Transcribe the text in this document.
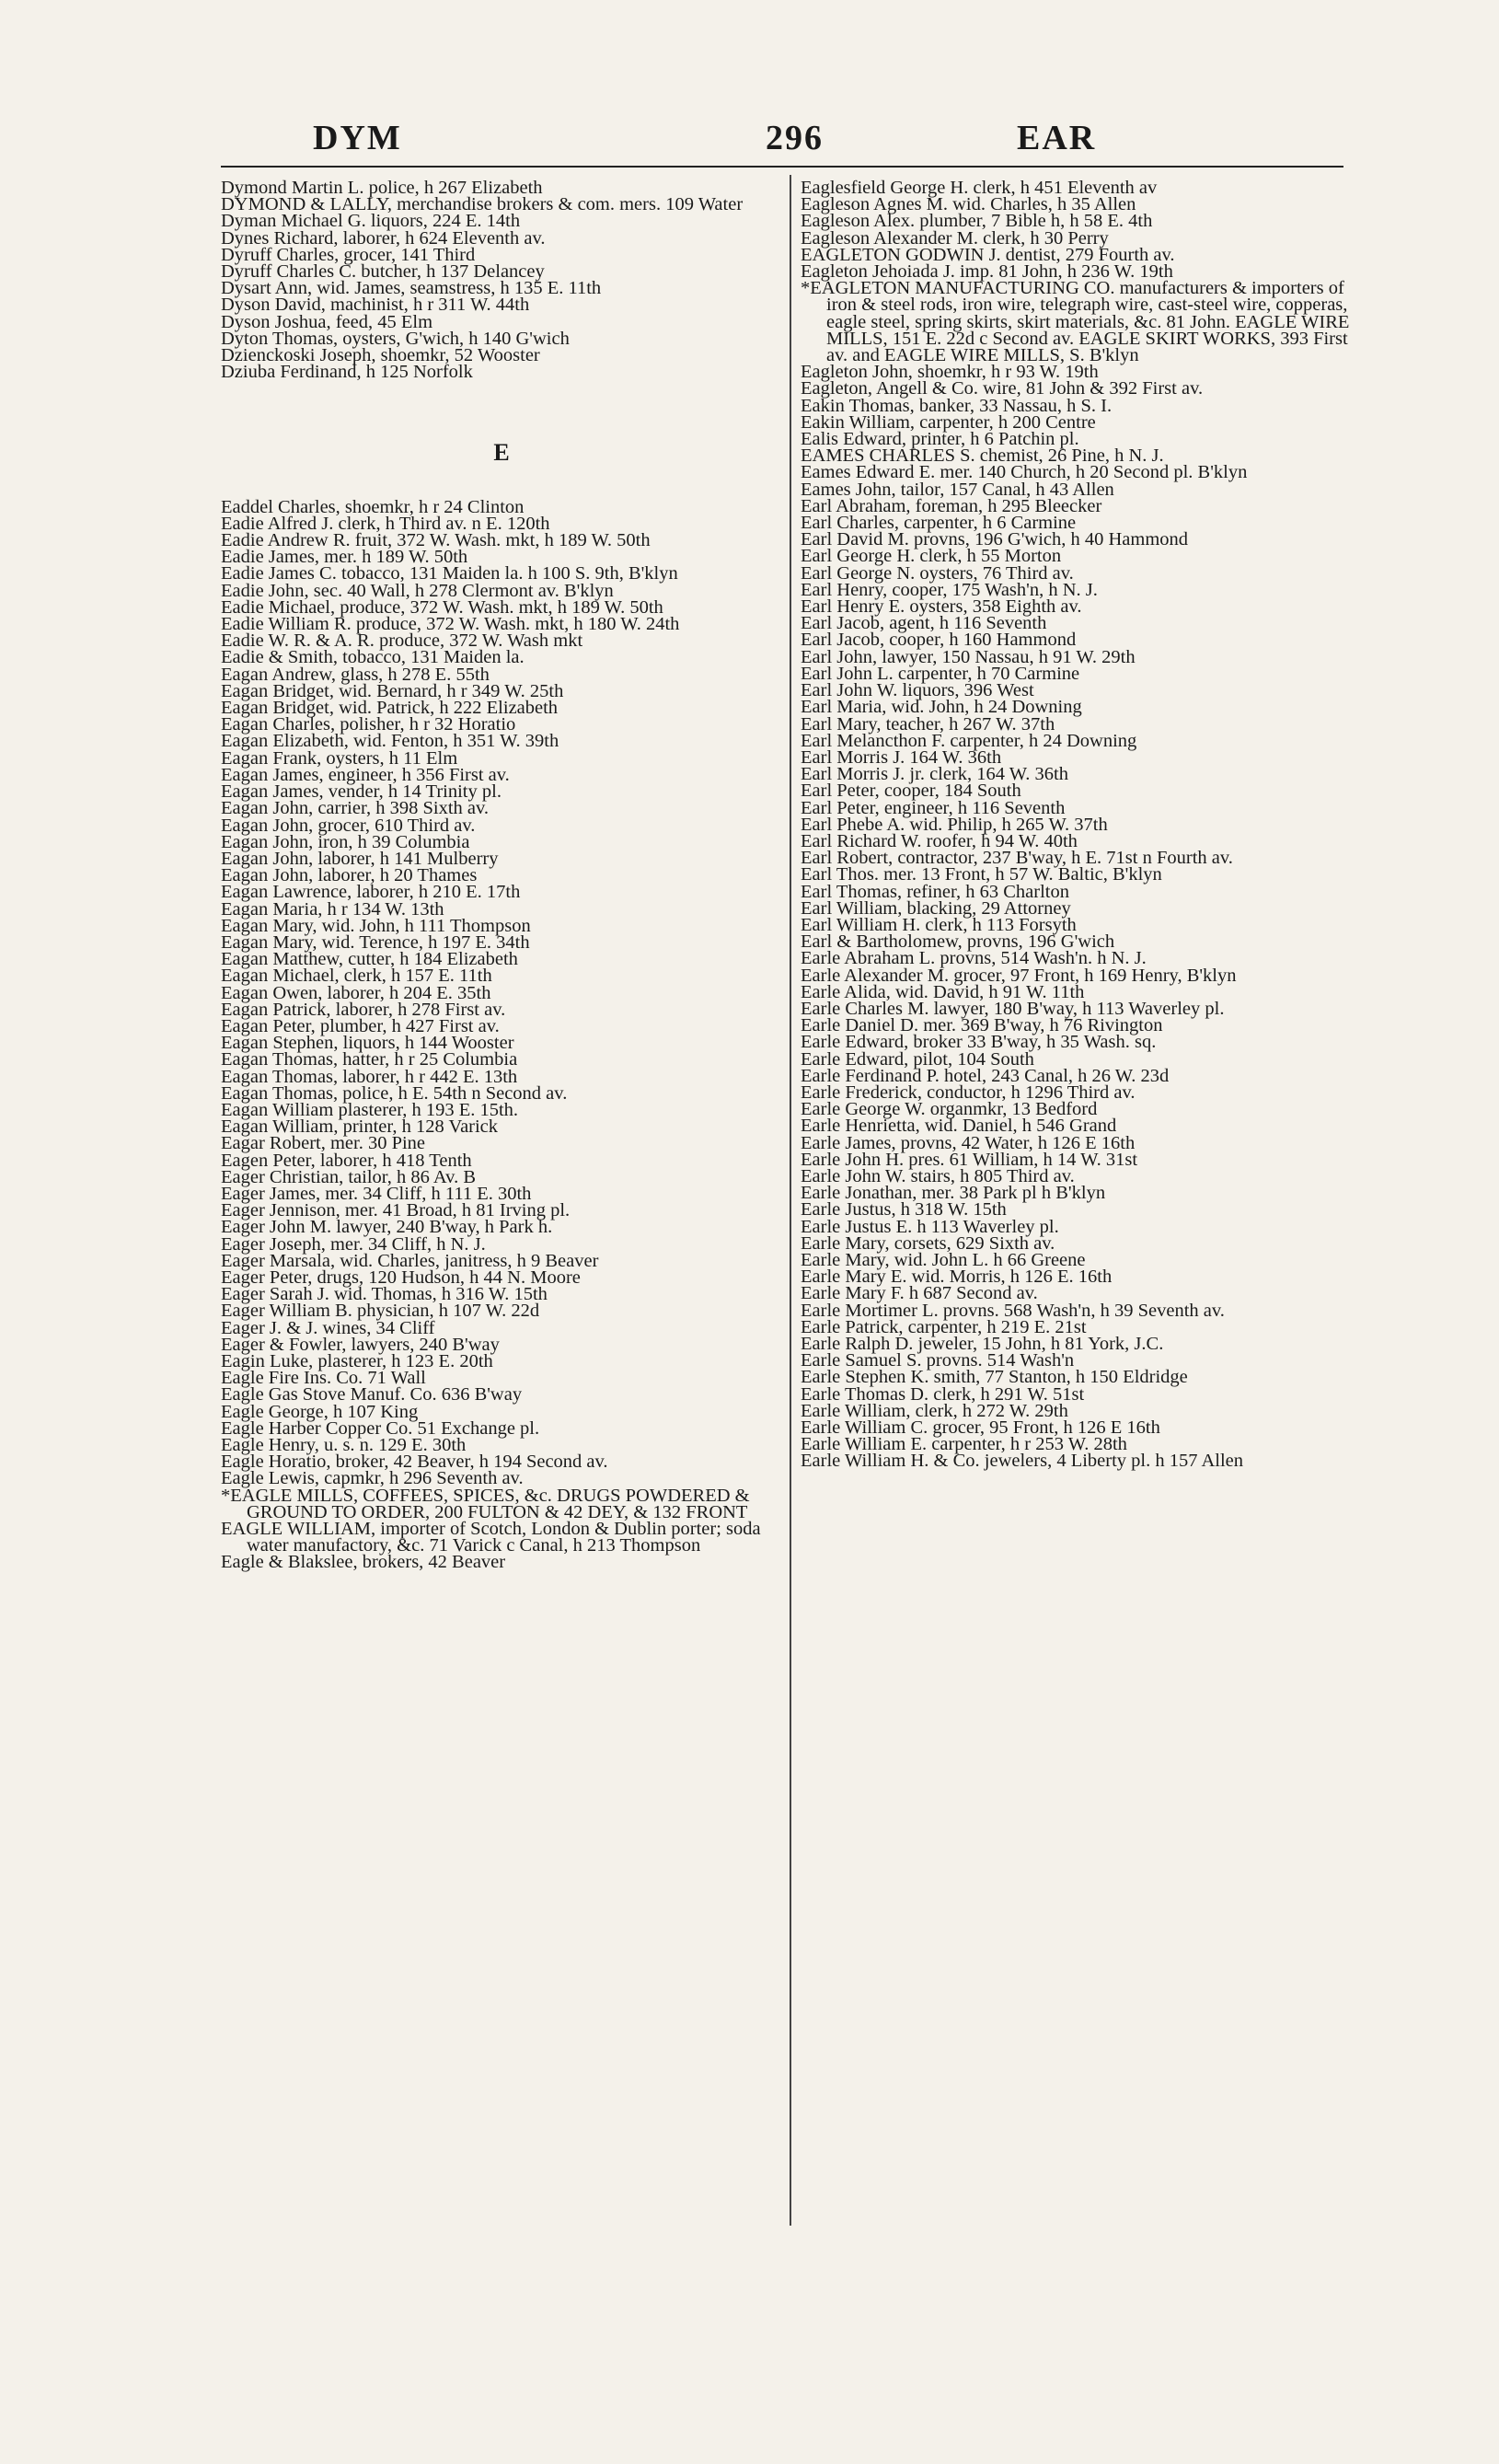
DYM	296	EAR
Dymond Martin L. police, h 267 Elizabeth
DYMOND & LALLY, merchandise brokers & com. mers. 109 Water
Dyman Michael G. liquors, 224 E. 14th
Dynes Richard, laborer, h 624 Eleventh av.
Dyruff Charles, grocer, 141 Third
Dyruff Charles C. butcher, h 137 Delancey
Dysart Ann, wid. James, seamstress, h 135 E. 11th
Dyson David, machinist, h r 311 W. 44th
Dyson Joshua, feed, 45 Elm
Dyton Thomas, oysters, G'wich, h 140 G'wich
Dziencko​ski Joseph, shoemkr, 52 Wooster
Dziuba Ferdinand, h 125 Norfolk
E
Eaddel Charles, shoemkr, h r 24 Clinton
Eadie Alfred J. clerk, h Third av. n E. 120th
Eadie Andrew R. fruit, 372 W. Wash. mkt, h 189 W. 50th
Eadie James, mer. h 189 W. 50th
Eadie James C. tobacco, 131 Maiden la. h 100 S. 9th, B'klyn
Eadie John, sec. 40 Wall, h 278 Clermont av. B'klyn
Eadie Michael, produce, 372 W. Wash. mkt, h 189 W. 50th
Eadie William R. produce, 372 W. Wash. mkt, h 180 W. 24th
Eadie W. R. & A. R. produce, 372 W. Wash mkt
Eadie & Smith, tobacco, 131 Maiden la.
Eagan Andrew, glass, h 278 E. 55th
Eagan Bridget, wid. Bernard, h r 349 W. 25th
Eagan Bridget, wid. Patrick, h 222 Elizabeth
Eagan Charles, polisher, h r 32 Horatio
Eagan Elizabeth, wid. Fenton, h 351 W. 39th
Eagan Frank, oysters, h 11 Elm
Eagan James, engineer, h 356 First av.
Eagan James, vender, h 14 Trinity pl.
Eagan John, carrier, h 398 Sixth av.
Eagan John, grocer, 610 Third av.
Eagan John, iron, h 39 Columbia
Eagan John, laborer, h 141 Mulberry
Eagan John, laborer, h 20 Thames
Eagan Lawrence, laborer, h 210 E. 17th
Eagan Maria, h r 134 W. 13th
Eagan Mary, wid. John, h 111 Thompson
Eagan Mary, wid. Terence, h 197 E. 34th
Eagan Matthew, cutter, h 184 Elizabeth
Eagan Michael, clerk, h 157 E. 11th
Eagan Owen, laborer, h 204 E. 35th
Eagan Patrick, laborer, h 278 First av.
Eagan Peter, plumber, h 427 First av.
Eagan Stephen, liquors, h 144 Wooster
Eagan Thomas, hatter, h r 25 Columbia
Eagan Thomas, laborer, h r 442 E. 13th
Eagan Thomas, police, h E. 54th n Second av.
Eagan William plasterer, h 193 E. 15th.
Eagan William, printer, h 128 Varick
Eagar Robert, mer. 30 Pine
Eagen Peter, laborer, h 418 Tenth
Eager Christian, tailor, h 86 Av. B
Eager James, mer. 34 Cliff, h 111 E. 30th
Eager Jennison, mer. 41 Broad, h 81 Irving pl.
Eager John M. lawyer, 240 B'way, h Park h.
Eager Joseph, mer. 34 Cliff, h N. J.
Eager Marsala, wid. Charles, janitress, h 9 Beaver
Eager Peter, drugs, 120 Hudson, h 44 N. Moore
Eager Sarah J. wid. Thomas, h 316 W. 15th
Eager William B. physician, h 107 W. 22d
Eager J. & J. wines, 34 Cliff
Eager & Fowler, lawyers, 240 B'way
Eagin Luke, plasterer, h 123 E. 20th
Eagle Fire Ins. Co. 71 Wall
Eagle Gas Stove Manuf. Co. 636 B'way
Eagle George, h 107 King
Eagle Harber Copper Co. 51 Exchange pl.
Eagle Henry, u. s. n. 129 E. 30th
Eagle Horatio, broker, 42 Beaver, h 194 Second av.
Eagle Lewis, capmkr, h 296 Seventh av.
*EAGLE MILLS, COFFEES, SPICES, &c. DRUGS POWDERED & GROUND TO ORDER, 200 FULTON & 42 DEY, & 132 FRONT
EAGLE WILLIAM, importer of Scotch, London & Dublin porter; soda water manufactory, &c. 71 Varick c Canal, h 213 Thompson
Eagle & Blakslee, brokers, 42 Beaver
Eaglesfield George H. clerk, h 451 Eleventh av
Eagleson Agnes M. wid. Charles, h 35 Allen
Eagleson Alex. plumber, 7 Bible h, h 58 E. 4th
Eagleson Alexander M. clerk, h 30 Perry
EAGLETON GODWIN J. dentist, 279 Fourth av.
Eagleton Jehoiada J. imp. 81 John, h 236 W. 19th
*EAGLETON MANUFACTURING CO. manufacturers & importers of iron & steel rods, iron wire, telegraph wire, cast-steel wire, copperas, eagle steel, spring skirts, skirt materials, &c. 81 John. EAGLE WIRE MILLS, 151 E. 22d c Second av. EAGLE SKIRT WORKS, 393 First av. and EAGLE WIRE MILLS, S. B'klyn
Eagleton John, shoemkr, h r 93 W. 19th
Eagleton, Angell & Co. wire, 81 John & 392 First av.
Eakin Thomas, banker, 33 Nassau, h S. I.
Eakin William, carpenter, h 200 Centre
Ealis Edward, printer, h 6 Patchin pl.
EAMES CHARLES S. chemist, 26 Pine, h N. J.
Eames Edward E. mer. 140 Church, h 20 Second pl. B'klyn
Eames John, tailor, 157 Canal, h 43 Allen
Earl Abraham, foreman, h 295 Bleecker
Earl Charles, carpenter, h 6 Carmine
Earl David M. provns, 196 G'wich, h 40 Hammond
Earl George H. clerk, h 55 Morton
Earl George N. oysters, 76 Third av.
Earl Henry, cooper, 175 Wash'n, h N. J.
Earl Henry E. oysters, 358 Eighth av.
Earl Jacob, agent, h 116 Seventh
Earl Jacob, cooper, h 160 Hammond
Earl John, lawyer, 150 Nassau, h 91 W. 29th
Earl John L. carpenter, h 70 Carmine
Earl John W. liquors, 396 West
Earl Maria, wid. John, h 24 Downing
Earl Mary, teacher, h 267 W. 37th
Earl Melancthon F. carpenter, h 24 Downing
Earl Morris J. 164 W. 36th
Earl Morris J. jr. clerk, 164 W. 36th
Earl Peter, cooper, 184 South
Earl Peter, engineer, h 116 Seventh
Earl Phebe A. wid. Philip, h 265 W. 37th
Earl Richard W. roofer, h 94 W. 40th
Earl Robert, contractor, 237 B'way, h E. 71st n Fourth av.
Earl Thos. mer. 13 Front, h 57 W. Baltic, B'klyn
Earl Thomas, refiner, h 63 Charlton
Earl William, blacking, 29 Attorney
Earl William H. clerk, h 113 Forsyth
Earl & Bartholomew, provns, 196 G'wich
Earle Abraham L. provns, 514 Wash'n. h N. J.
Earle Alexander M. grocer, 97 Front, h 169 Henry, B'klyn
Earle Alida, wid. David, h 91 W. 11th
Earle Charles M. lawyer, 180 B'way, h 113 Waverley pl.
Earle Daniel D. mer. 369 B'way, h 76 Rivington
Earle Edward, broker 33 B'way, h 35 Wash. sq.
Earle Edward, pilot, 104 South
Earle Ferdinand P. hotel, 243 Canal, h 26 W. 23d
Earle Frederick, conductor, h 1296 Third av.
Earle George W. organmkr, 13 Bedford
Earle Henrietta, wid. Daniel, h 546 Grand
Earle James, provns, 42 Water, h 126 E 16th
Earle John H. pres. 61 William, h 14 W. 31st
Earle John W. stairs, h 805 Third av.
Earle Jonathan, mer. 38 Park pl h B'klyn
Earle Justus, h 318 W. 15th
Earle Justus E. h 113 Waverley pl.
Earle Mary, corsets, 629 Sixth av.
Earle Mary, wid. John L. h 66 Greene
Earle Mary E. wid. Morris, h 126 E. 16th
Earle Mary F. h 687 Second av.
Earle Mortimer L. provns. 568 Wash'n, h 39 Seventh av.
Earle Patrick, carpenter, h 219 E. 21st
Earle Ralph D. jeweler, 15 John, h 81 York, J.C.
Earle Samuel S. provns. 514 Wash'n
Earle Stephen K. smith, 77 Stanton, h 150 Eldridge
Earle Thomas D. clerk, h 291 W. 51st
Earle William, clerk, h 272 W. 29th
Earle William C. grocer, 95 Front, h 126 E 16th
Earle William E. carpenter, h r 253 W. 28th
Earle William H. & Co. jewelers, 4 Liberty pl. h 157 Allen
